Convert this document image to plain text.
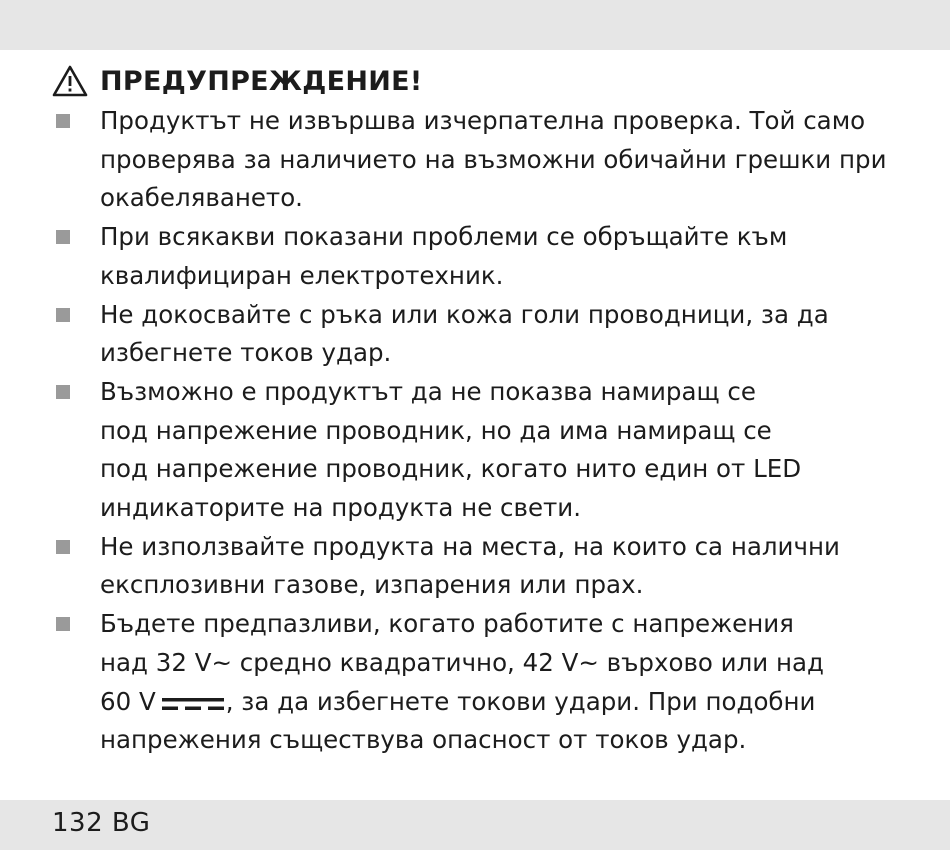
ПРЕДУПРЕЖДЕНИЕ!
Продуктът не извършва изчерпателна проверка. Той само
проверява за наличието на възможни обичайни грешки при
окабеляването.
При всякакви показани проблеми се обръщайте към
квалифициран електротехник.
Не докосвайте с ръка или кожа голи проводници, за да
избегнете токов удар.
Възможно е продуктът да не показва намиращ се
под напрежение проводник, но да има намиращ се
под напрежение проводник, когато нито един от LED
индикаторите на продукта не свети.
Не използвайте продукта на места, на които са налични
експлозивни газове, изпарения или прах.
Бъдете предпазливи, когато работите с напрежения
над 32 V~ средно квадратично, 42 V~ върхово или над
60 V	, за да избегнете токови удари. При подобни
напрежения съществува опасност от токов удар.
132 BG
